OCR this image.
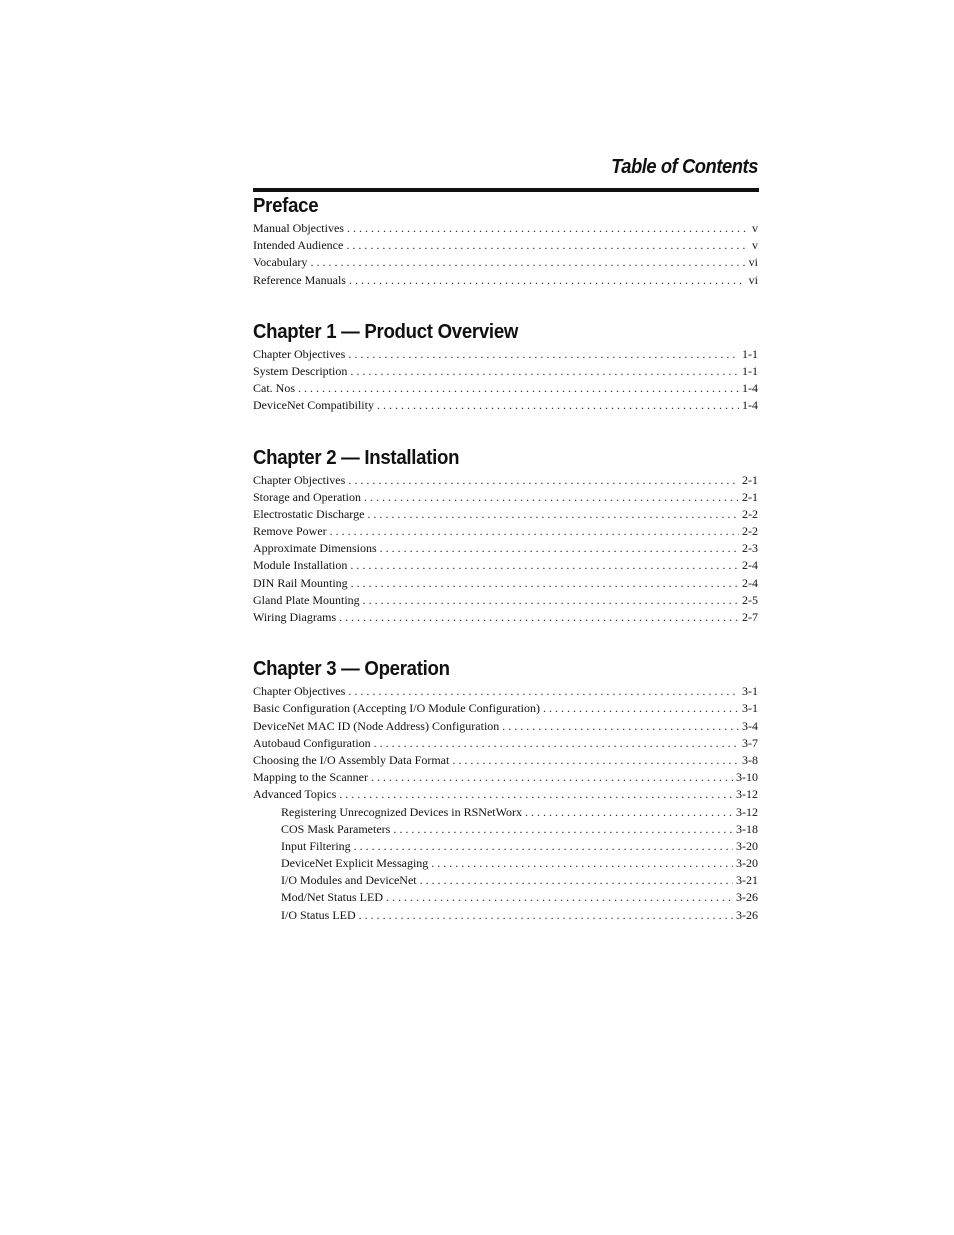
Table of Contents
Preface
Manual Objectives . . .	v
Intended Audience . . .	v
Vocabulary . . .	vi
Reference Manuals . . .	vi
Chapter 1 — Product Overview
Chapter Objectives . . .	1-1
System Description . . .	1-1
Cat. Nos . . .	1-4
DeviceNet Compatibility . . .	1-4
Chapter 2 — Installation
Chapter Objectives . . .	2-1
Storage and Operation . . .	2-1
Electrostatic Discharge . . .	2-2
Remove Power . . .	2-2
Approximate Dimensions . . .	2-3
Module Installation . . .	2-4
DIN Rail Mounting . . .	2-4
Gland Plate Mounting . . .	2-5
Wiring Diagrams . . .	2-7
Chapter 3 — Operation
Chapter Objectives . . .	3-1
Basic Configuration (Accepting I/O Module Configuration) . . .	3-1
DeviceNet MAC ID (Node Address) Configuration . . .	3-4
Autobaud Configuration . . .	3-7
Choosing the I/O Assembly Data Format . . .	3-8
Mapping to the Scanner . . .	3-10
Advanced Topics . . .	3-12
Registering Unrecognized Devices in RSNetWorx . . .	3-12
COS Mask Parameters . . .	3-18
Input Filtering . . .	3-20
DeviceNet Explicit Messaging . . .	3-20
I/O Modules and DeviceNet . . .	3-21
Mod/Net Status LED . . .	3-26
I/O Status LED . . .	3-26
